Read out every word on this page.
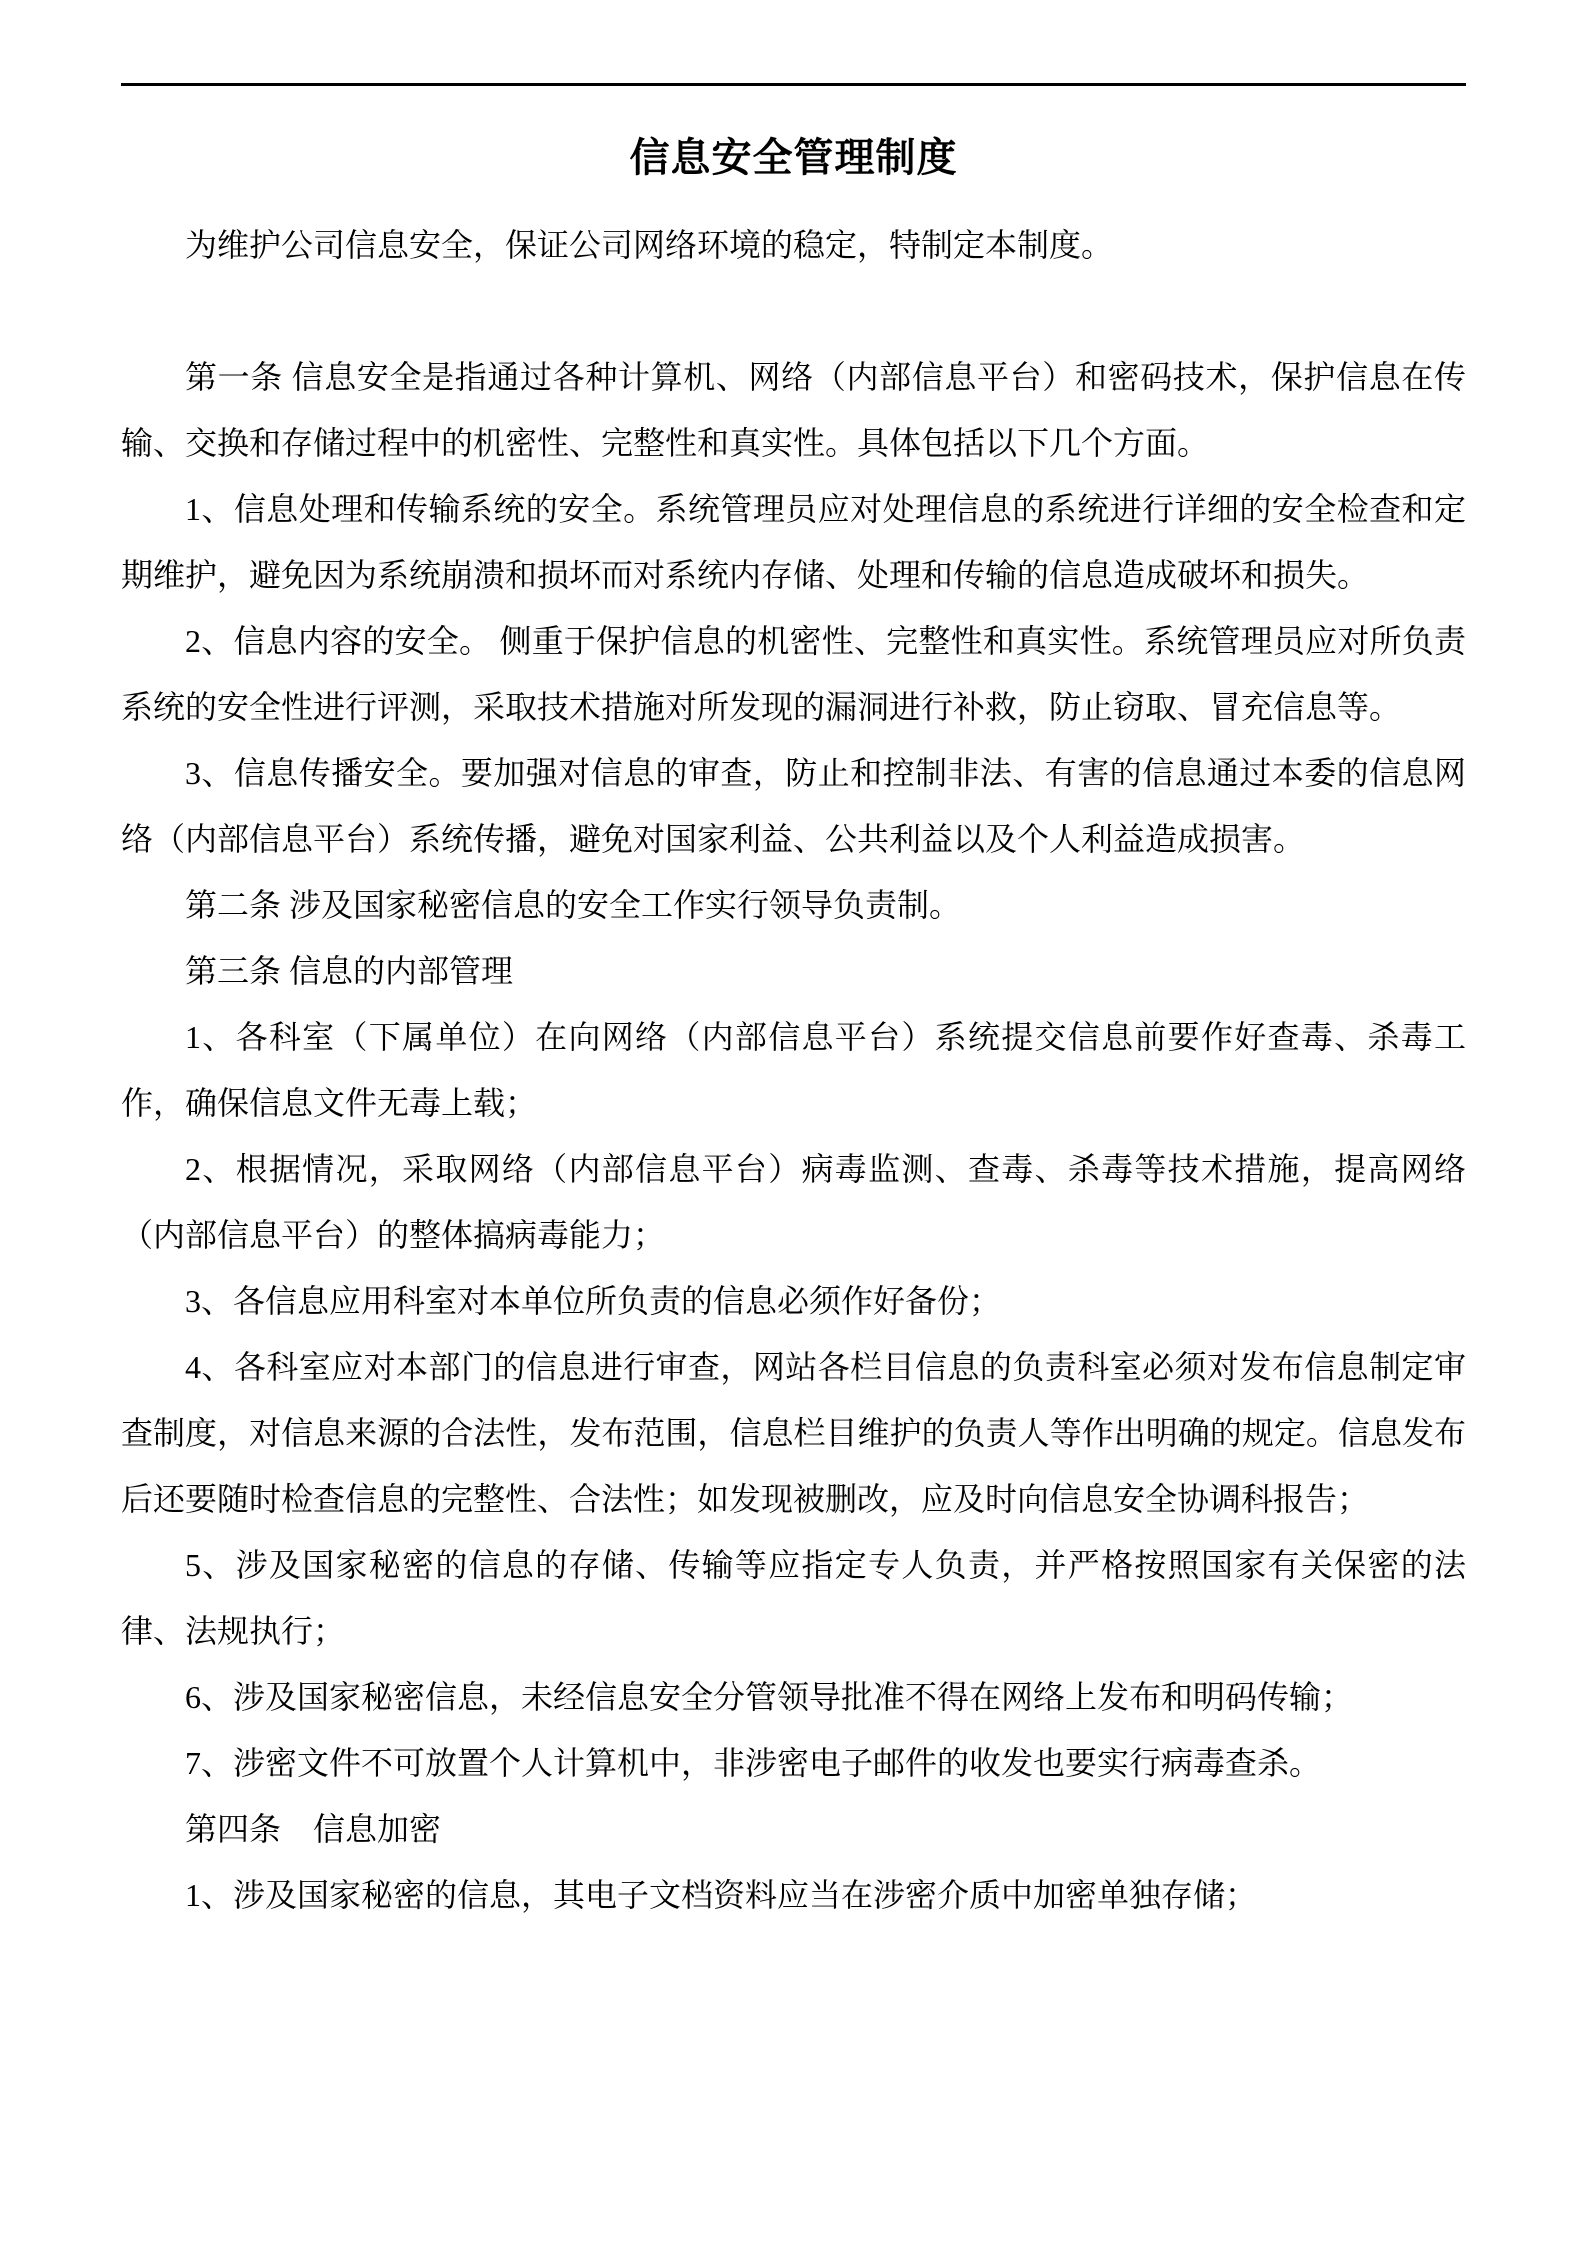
信息安全管理制度

为维护公司信息安全，保证公司网络环境的稳定，特制定本制度。

第一条 信息安全是指通过各种计算机、网络（内部信息平台）和密码技术，保护信息在传输、交换和存储过程中的机密性、完整性和真实性。具体包括以下几个方面。

1、信息处理和传输系统的安全。系统管理员应对处理信息的系统进行详细的安全检查和定期维护，避免因为系统崩溃和损坏而对系统内存储、处理和传输的信息造成破坏和损失。

2、信息内容的安全。 侧重于保护信息的机密性、完整性和真实性。系统管理员应对所负责系统的安全性进行评测，采取技术措施对所发现的漏洞进行补救，防止窃取、冒充信息等。

3、信息传播安全。要加强对信息的审查，防止和控制非法、有害的信息通过本委的信息网络（内部信息平台）系统传播，避免对国家利益、公共利益以及个人利益造成损害。

第二条 涉及国家秘密信息的安全工作实行领导负责制。

第三条 信息的内部管理

1、各科室（下属单位）在向网络（内部信息平台）系统提交信息前要作好查毒、杀毒工作，确保信息文件无毒上载；

2、根据情况，采取网络（内部信息平台）病毒监测、查毒、杀毒等技术措施，提高网络（内部信息平台）的整体搞病毒能力；

3、各信息应用科室对本单位所负责的信息必须作好备份；

4、各科室应对本部门的信息进行审查，网站各栏目信息的负责科室必须对发布信息制定审查制度，对信息来源的合法性，发布范围，信息栏目维护的负责人等作出明确的规定。信息发布后还要随时检查信息的完整性、合法性；如发现被删改，应及时向信息安全协调科报告；

5、涉及国家秘密的信息的存储、传输等应指定专人负责，并严格按照国家有关保密的法律、法规执行；

6、涉及国家秘密信息，未经信息安全分管领导批准不得在网络上发布和明码传输；

7、涉密文件不可放置个人计算机中，非涉密电子邮件的收发也要实行病毒查杀。

第四条　信息加密

1、涉及国家秘密的信息，其电子文档资料应当在涉密介质中加密单独存储；
